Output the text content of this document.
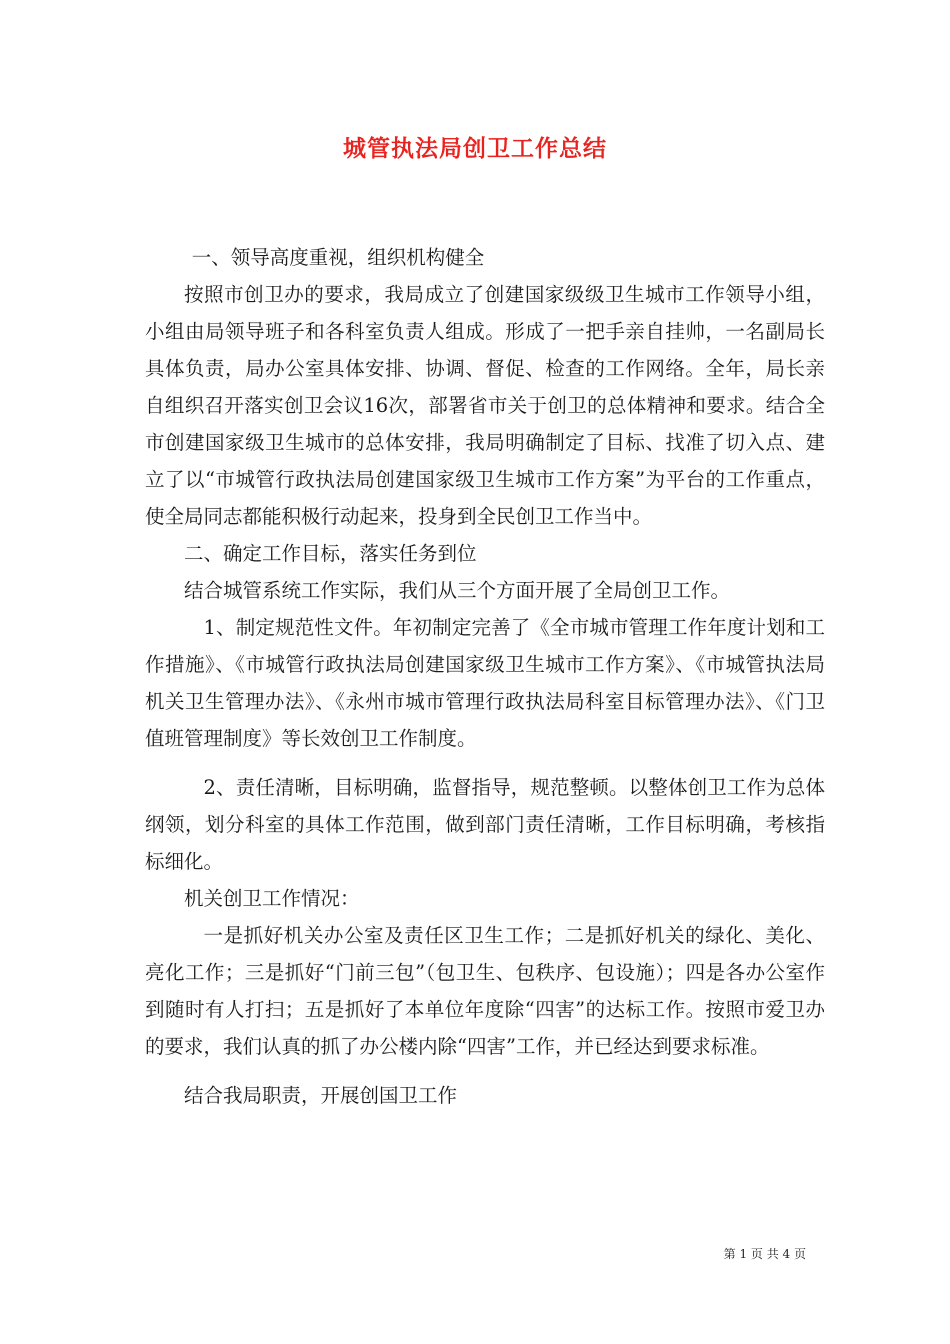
城管执法局创卫工作总结

一、领导高度重视，组织机构健全

按照市创卫办的要求，我局成立了创建国家级级卫生城市工作领导小组，小组由局领导班子和各科室负责人组成。形成了一把手亲自挂帅，一名副局长具体负责，局办公室具体安排、协调、督促、检查的工作网络。全年，局长亲自组织召开落实创卫会议16次，部署省市关于创卫的总体精神和要求。结合全市创建国家级卫生城市的总体安排，我局明确制定了目标、找准了切入点、建立了以“市城管行政执法局创建国家级卫生城市工作方案”为平台的工作重点，使全局同志都能积极行动起来，投身到全民创卫工作当中。

二、确定工作目标，落实任务到位

结合城管系统工作实际，我们从三个方面开展了全局创卫工作。

1、制定规范性文件。年初制定完善了《全市城市管理工作年度计划和工作措施》、《市城管行政执法局创建国家级卫生城市工作方案》、《市城管执法局机关卫生管理办法》、《永州市城市管理行政执法局科室目标管理办法》、《门卫值班管理制度》等长效创卫工作制度。

2、责任清晰，目标明确，监督指导，规范整顿。以整体创卫工作为总体纲领，划分科室的具体工作范围，做到部门责任清晰，工作目标明确，考核指标细化。

机关创卫工作情况：

一是抓好机关办公室及责任区卫生工作；二是抓好机关的绿化、美化、亮化工作；三是抓好“门前三包”（包卫生、包秩序、包设施）；四是各办公室作到随时有人打扫；五是抓好了本单位年度除“四害”的达标工作。按照市爱卫办的要求，我们认真的抓了办公楼内除“四害”工作，并已经达到要求标准。

结合我局职责，开展创国卫工作

第 1 页 共 4 页
